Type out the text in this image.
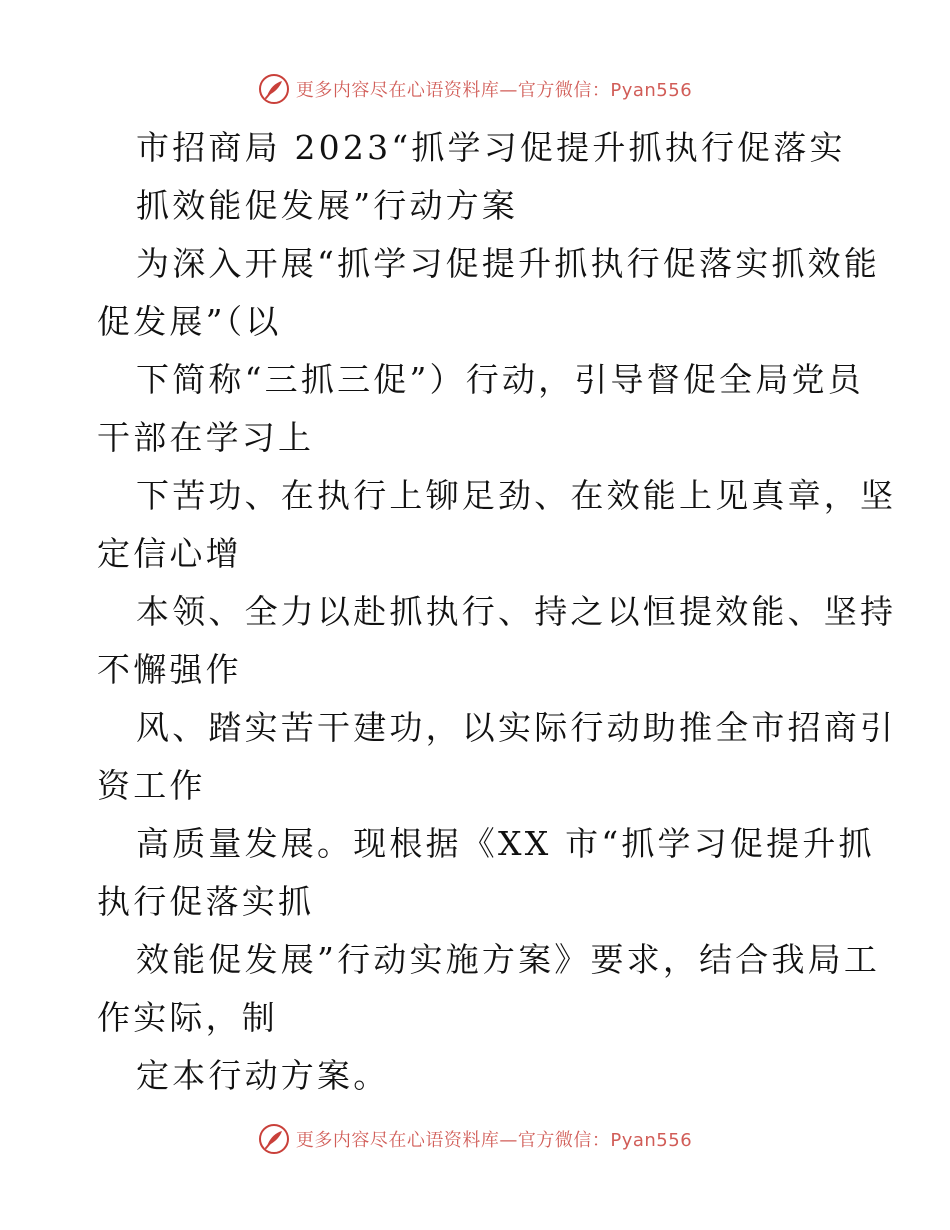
更多内容尽在心语资料库—官方微信：Pyan556
市招商局 2023“抓学习促提升抓执行促落实
抓效能促发展”行动方案
为深入开展“抓学习促提升抓执行促落实抓效能
促发展”（以
下简称“三抓三促”）行动，引导督促全局党员
干部在学习上
下苦功、在执行上铆足劲、在效能上见真章，坚
定信心增
本领、全力以赴抓执行、持之以恒提效能、坚持
不懈强作
风、踏实苦干建功，以实际行动助推全市招商引
资工作
高质量发展。现根据《XX 市“抓学习促提升抓
执行促落实抓
效能促发展”行动实施方案》要求，结合我局工
作实际，制
定本行动方案。
更多内容尽在心语资料库—官方微信：Pyan556
